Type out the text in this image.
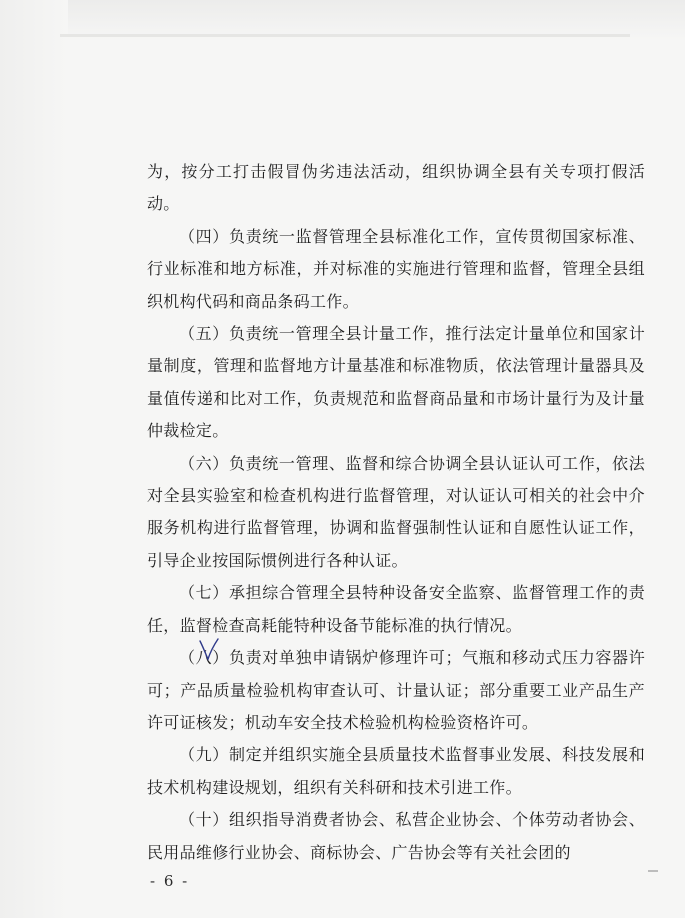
为，按分工打击假冒伪劣违法活动，组织协调全县有关专项打假活动。

（四）负责统一监督管理全县标准化工作，宣传贯彻国家标准、行业标准和地方标准，并对标准的实施进行管理和监督，管理全县组织机构代码和商品条码工作。

（五）负责统一管理全县计量工作，推行法定计量单位和国家计量制度，管理和监督地方计量基准和标准物质，依法管理计量器具及量值传递和比对工作，负责规范和监督商品量和市场计量行为及计量仲裁检定。

（六）负责统一管理、监督和综合协调全县认证认可工作，依法对全县实验室和检查机构进行监督管理，对认证认可相关的社会中介服务机构进行监督管理，协调和监督强制性认证和自愿性认证工作，引导企业按国际惯例进行各种认证。

（七）承担综合管理全县特种设备安全监察、监督管理工作的责任，监督检查高耗能特种设备节能标准的执行情况。

（八）负责对单独申请锅炉修理许可；气瓶和移动式压力容器许可；产品质量检验机构审查认可、计量认证；部分重要工业产品生产许可证核发；机动车安全技术检验机构检验资格许可。

（九）制定并组织实施全县质量技术监督事业发展、科技发展和技术机构建设规划，组织有关科研和技术引进工作。

（十）组织指导消费者协会、私营企业协会、个体劳动者协会、民用品维修行业协会、商标协会、广告协会等有关社会团的

- 6 -
